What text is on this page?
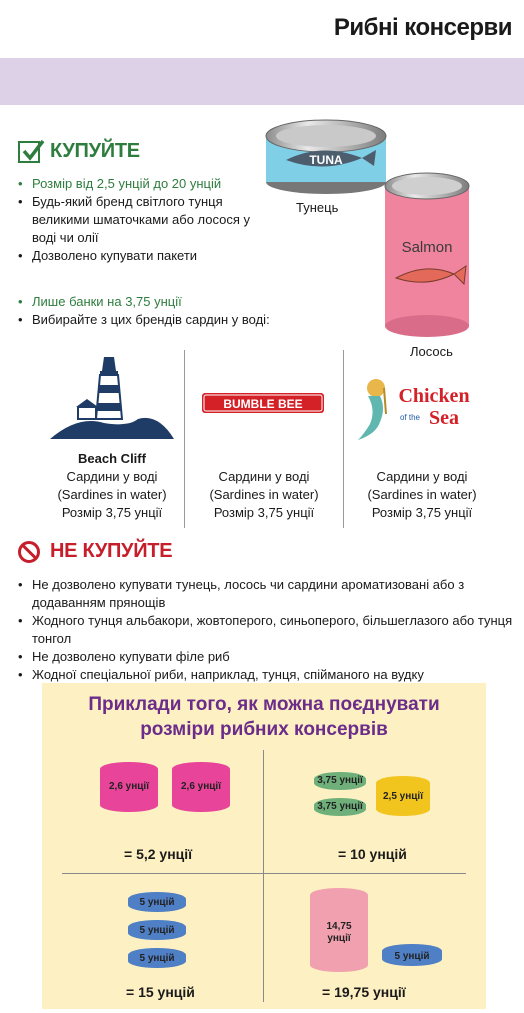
Рибні консерви
КУПУЙТЕ
• Розмір від 2,5 унцій до 20 унцій
• Будь-який бренд світлого тунця великими шматочками або лосося у воді чи олії
• Дозволено купувати пакети
• Лише банки на 3,75 унції
• Вибирайте з цих брендів сардин у воді:
TUNA
Тунець
Salmon
Лосось
BUMBLE BEE	Chicken
of the Sea
Beach Cliff
Сардини у воді
(Sardines in water)
Розмір 3,75 унції
Сардини у воді
(Sardines in water)
Розмір 3,75 унції
Сардини у воді
(Sardines in water)
Розмір 3,75 унції
НЕ КУПУЙТЕ
• Не дозволено купувати тунець, лосось чи сардини ароматизовані або з додаванням прянощів
• Жодного тунця альбакори, жовтоперого, синьоперого, більшеглазого або тунця тонгол
• Не дозволено купувати філе риб
• Жодної спеціальної риби, наприклад, тунця, спійманого на вудку
Приклади того, як можна поєднувати
розміри рибних консервів
2,6 унції	2,6 унції
= 5,2 унції
3,75 унції
3,75 унції
2,5 унції
= 10 унцій
5 унцій
5 унцій
5 унцій
= 15 унцій
14,75
унції
5 унцій
= 19,75 унції
